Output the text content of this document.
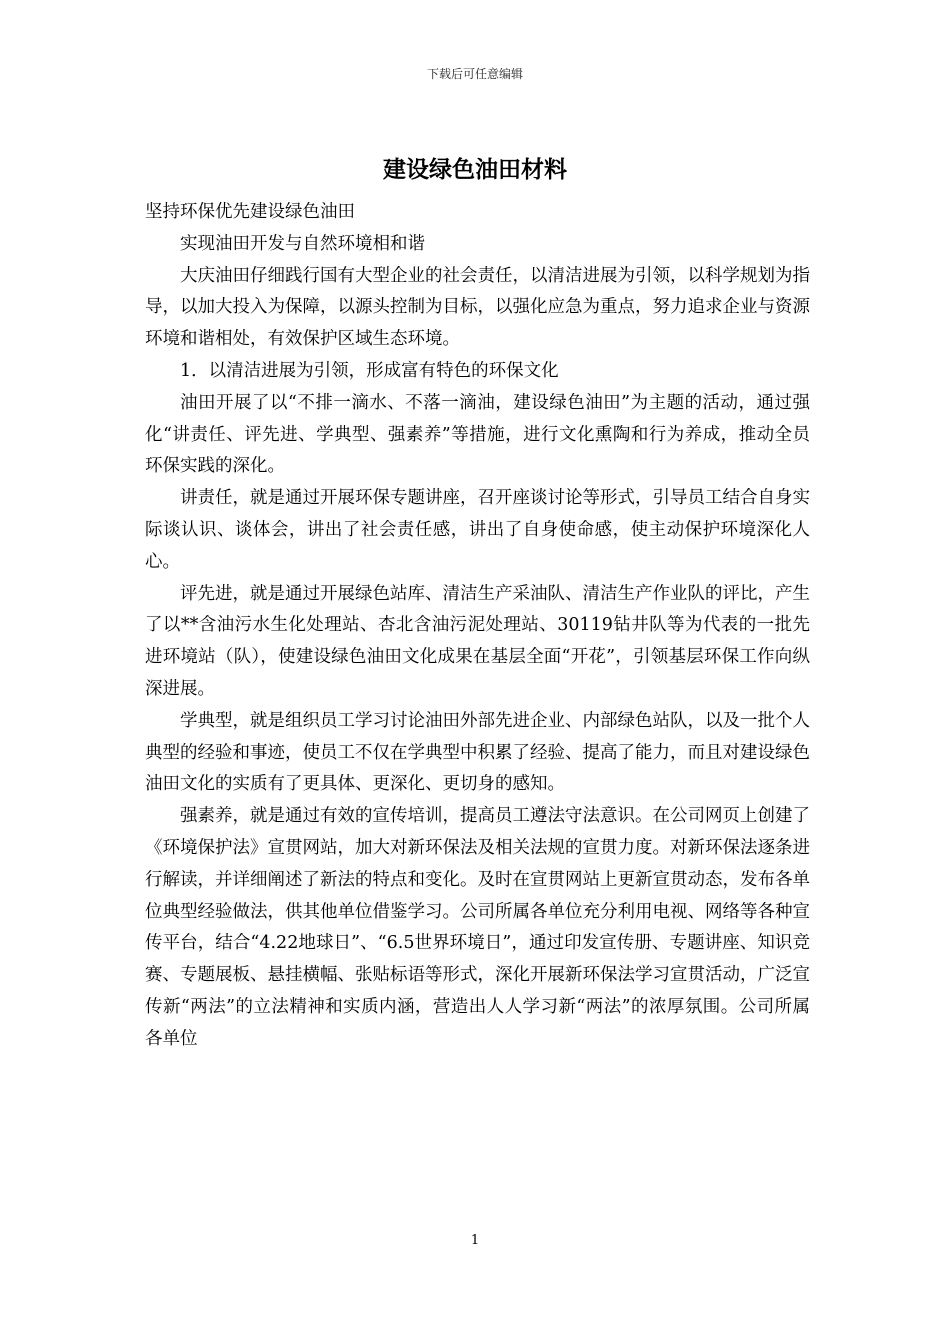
下载后可任意编辑
建设绿色油田材料

坚持环保优先建设绿色油田

实现油田开发与自然环境相和谐

大庆油田仔细践行国有大型企业的社会责任，以清洁进展为引领，以科学规划为指导，以加大投入为保障，以源头控制为目标，以强化应急为重点，努力追求企业与资源环境和谐相处，有效保护区域生态环境。

1．以清洁进展为引领，形成富有特色的环保文化

油田开展了以“不排一滴水、不落一滴油，建设绿色油田”为主题的活动，通过强化“讲责任、评先进、学典型、强素养”等措施，进行文化熏陶和行为养成，推动全员环保实践的深化。

讲责任，就是通过开展环保专题讲座，召开座谈讨论等形式，引导员工结合自身实际谈认识、谈体会，讲出了社会责任感，讲出了自身使命感，使主动保护环境深化人心。

评先进，就是通过开展绿色站库、清洁生产采油队、清洁生产作业队的评比，产生了以**含油污水生化处理站、杏北含油污泥处理站、30119钻井队等为代表的一批先进环境站（队），使建设绿色油田文化成果在基层全面“开花”，引领基层环保工作向纵深进展。

学典型，就是组织员工学习讨论油田外部先进企业、内部绿色站队，以及一批个人典型的经验和事迹，使员工不仅在学典型中积累了经验、提高了能力，而且对建设绿色油田文化的实质有了更具体、更深化、更切身的感知。

强素养，就是通过有效的宣传培训，提高员工遵法守法意识。在公司网页上创建了《环境保护法》宣贯网站，加大对新环保法及相关法规的宣贯力度。对新环保法逐条进行解读，并详细阐述了新法的特点和变化。及时在宣贯网站上更新宣贯动态，发布各单位典型经验做法，供其他单位借鉴学习。公司所属各单位充分利用电视、网络等各种宣传平台，结合“4.22地球日”、“6.5世界环境日”，通过印发宣传册、专题讲座、知识竞赛、专题展板、悬挂横幅、张贴标语等形式，深化开展新环保法学习宣贯活动，广泛宣传新“两法”的立法精神和实质内涵，营造出人人学习新“两法”的浓厚氛围。公司所属各单位

1
